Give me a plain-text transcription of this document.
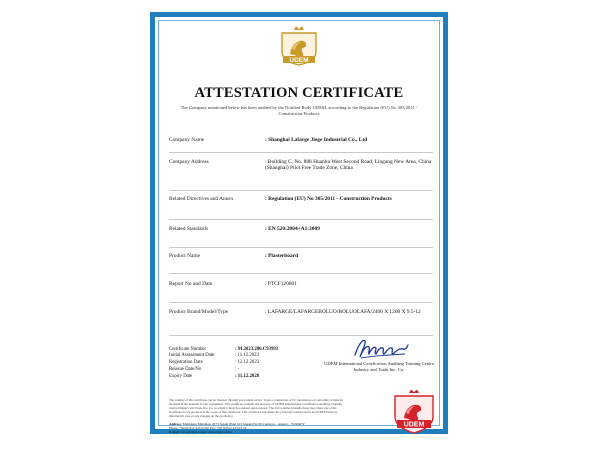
UDEM
ATTESTATION CERTIFICATE
The Company mentioned below has been audited by the Notified Body UDEM, according to the Regulation (EU) No 305/2011 - Construction Products
Company Name	: Shanghai Lafarge Jiege Industrial Co., Ltd
Company Address	: Building C, No. 888 Huanhu West Second Road, Lingang New Area, China (Shanghai) Pilot Free Trade Zone, China
Related Directives and Annex	: Regulation (EU) No 305/2011 - Construction Products
Related Standards	: EN 520:2004+A1:2009
Product Name	: Plasterboard
Report No and Date	: PTCF120801
Product Brand/Model/Type	: LAFARGE/LAFARGEBOLUO/BOLUOLAFA/2400 X 1200 X 9.5-12
Certificate Number	: M.2023.206.C93993
Initial Assessment Date	: 11.12.2023
Registration Date	: 12.12.2023
Reissue Date/No	: -
Expiry Date	: 11.12.2028
UDEM International Certification Auditing Training Centre Industry and Trade Inc. Co.
The validity of this certificate can be checked through www.udem.com.tr. Upon a completion of EC declaration of conformity it must be included in the manuals for the equipment. This certificate remains the property of UDEM International Certification Auditing Training Centre Industry and Trade Inc. Co. to whom it must be returned upon request. The above named manufacturer may make use of the certificate for its products in the scope of this certificate. This certificate and annex the product(s) named above and UDEM must be informed in case of any changes on the product(s).
Address: Mutlukent Mahallesi 2073 Sokak (Eski 615.Sokak) No:36 Çankaya – Ankara – TURKEY
Phone: +90 (0)312 443 03 90 Fax: +90 (0)312 443 03 74
E-mail: info@udem.com.tr www.udem.com.tr
UDEM
